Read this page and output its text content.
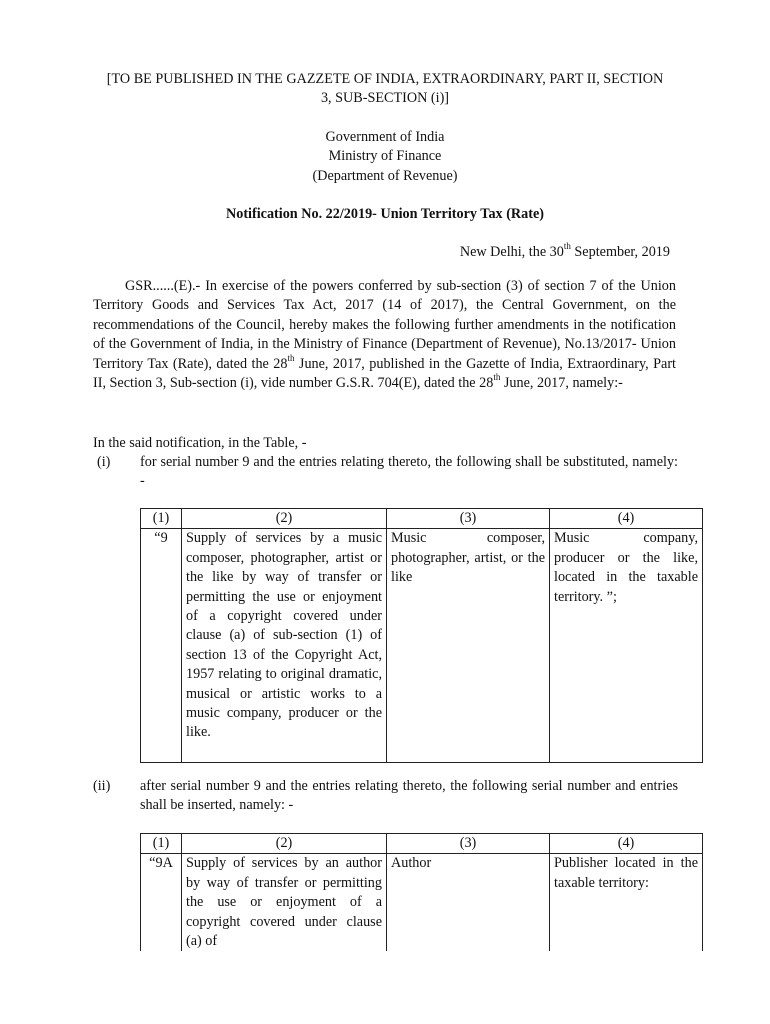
[TO BE PUBLISHED IN THE GAZZETE OF INDIA, EXTRAORDINARY, PART II, SECTION
3, SUB-SECTION (i)]
Government of India
Ministry of Finance
(Department of Revenue)
Notification No. 22/2019- Union Territory Tax (Rate)
New Delhi, the 30th September, 2019
GSR......(E).- In exercise of the powers conferred by sub-section (3) of section 7 of the Union Territory Goods and Services Tax Act, 2017 (14 of 2017), the Central Government, on the recommendations of the Council, hereby makes the following further amendments in the notification of the Government of India, in the Ministry of Finance (Department of Revenue), No.13/2017- Union Territory Tax (Rate), dated the 28th June, 2017, published in the Gazette of India, Extraordinary, Part II, Section 3, Sub-section (i), vide number G.S.R. 704(E), dated the 28th June, 2017, namely:-
In the said notification, in the Table, -
(i) for serial number 9 and the entries relating thereto, the following shall be substituted, namely: -
(1)	(2)	(3)	(4)
“9	Supply of services by a music composer, photographer, artist or the like by way of transfer or permitting the use or enjoyment of a copyright covered under clause (a) of sub-section (1) of section 13 of the Copyright Act, 1957 relating to original dramatic, musical or artistic works to a music company, producer or the like.	Music composer, photographer, artist, or the like	Music company, producer or the like, located in the taxable territory. ”;
(ii) after serial number 9 and the entries relating thereto, the following serial number and entries shall be inserted, namely: -
(1)	(2)	(3)	(4)
“9A	Supply of services by an author by way of transfer or permitting the use or enjoyment of a copyright covered under clause (a) of	Author	Publisher located in the taxable territory:
